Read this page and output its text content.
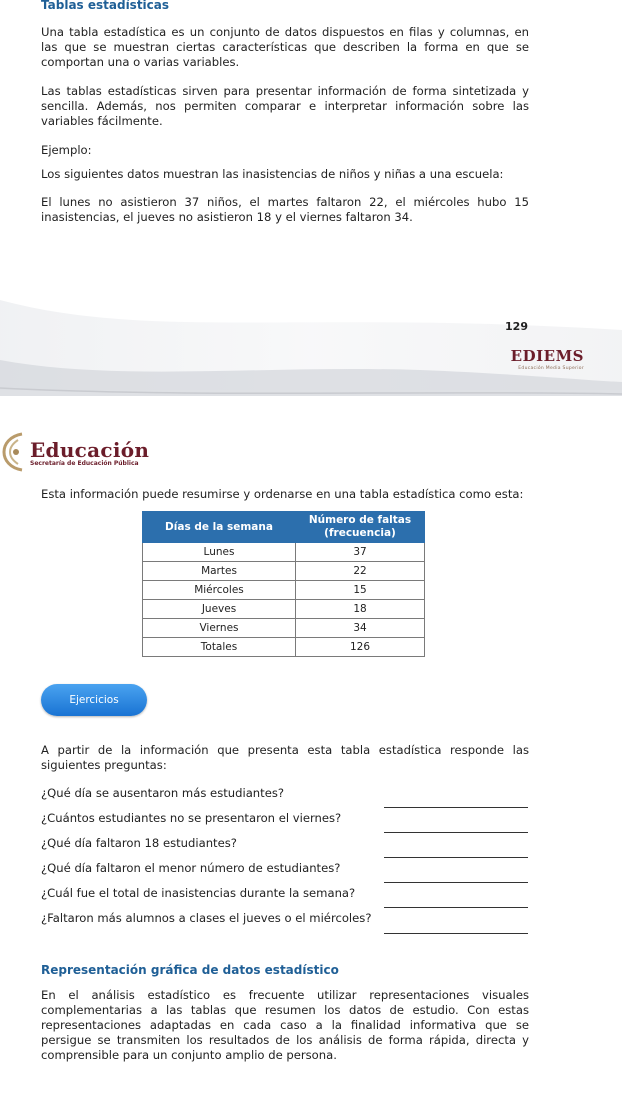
Tablas estadísticas
Una tabla estadística es un conjunto de datos dispuestos en filas y columnas, en las que se muestran ciertas características que describen la forma en que se comportan una o varias variables.
Las tablas estadísticas sirven para presentar información de forma sintetizada y sencilla. Además, nos permiten comparar e interpretar información sobre las variables fácilmente.
Ejemplo:
Los siguientes datos muestran las inasistencias de niños y niñas a una escuela:
El lunes no asistieron 37 niños, el martes faltaron 22, el miércoles hubo 15 inasistencias, el jueves no asistieron 18 y el viernes faltaron 34.
129
EDIEMS
Educación Media Superior
Educación
Secretaría de Educación Pública
Esta información puede resumirse y ordenarse en una tabla estadística como esta:
Días de la semana	Número de faltas (frecuencia)
Lunes	37
Martes	22
Miércoles	15
Jueves	18
Viernes	34
Totales	126
Ejercicios
A partir de la información que presenta esta tabla estadística responde las siguientes preguntas:
¿Qué día se ausentaron más estudiantes?
¿Cuántos estudiantes no se presentaron el viernes?
¿Qué día faltaron 18 estudiantes?
¿Qué día faltaron el menor número de estudiantes?
¿Cuál fue el total de inasistencias durante la semana?
¿Faltaron más alumnos a clases el jueves o el miércoles?
Representación gráfica de datos estadístico
En el análisis estadístico es frecuente utilizar representaciones visuales complementarias a las tablas que resumen los datos de estudio. Con estas representaciones adaptadas en cada caso a la finalidad informativa que se persigue se transmiten los resultados de los análisis de forma rápida, directa y comprensible para un conjunto amplio de persona.
